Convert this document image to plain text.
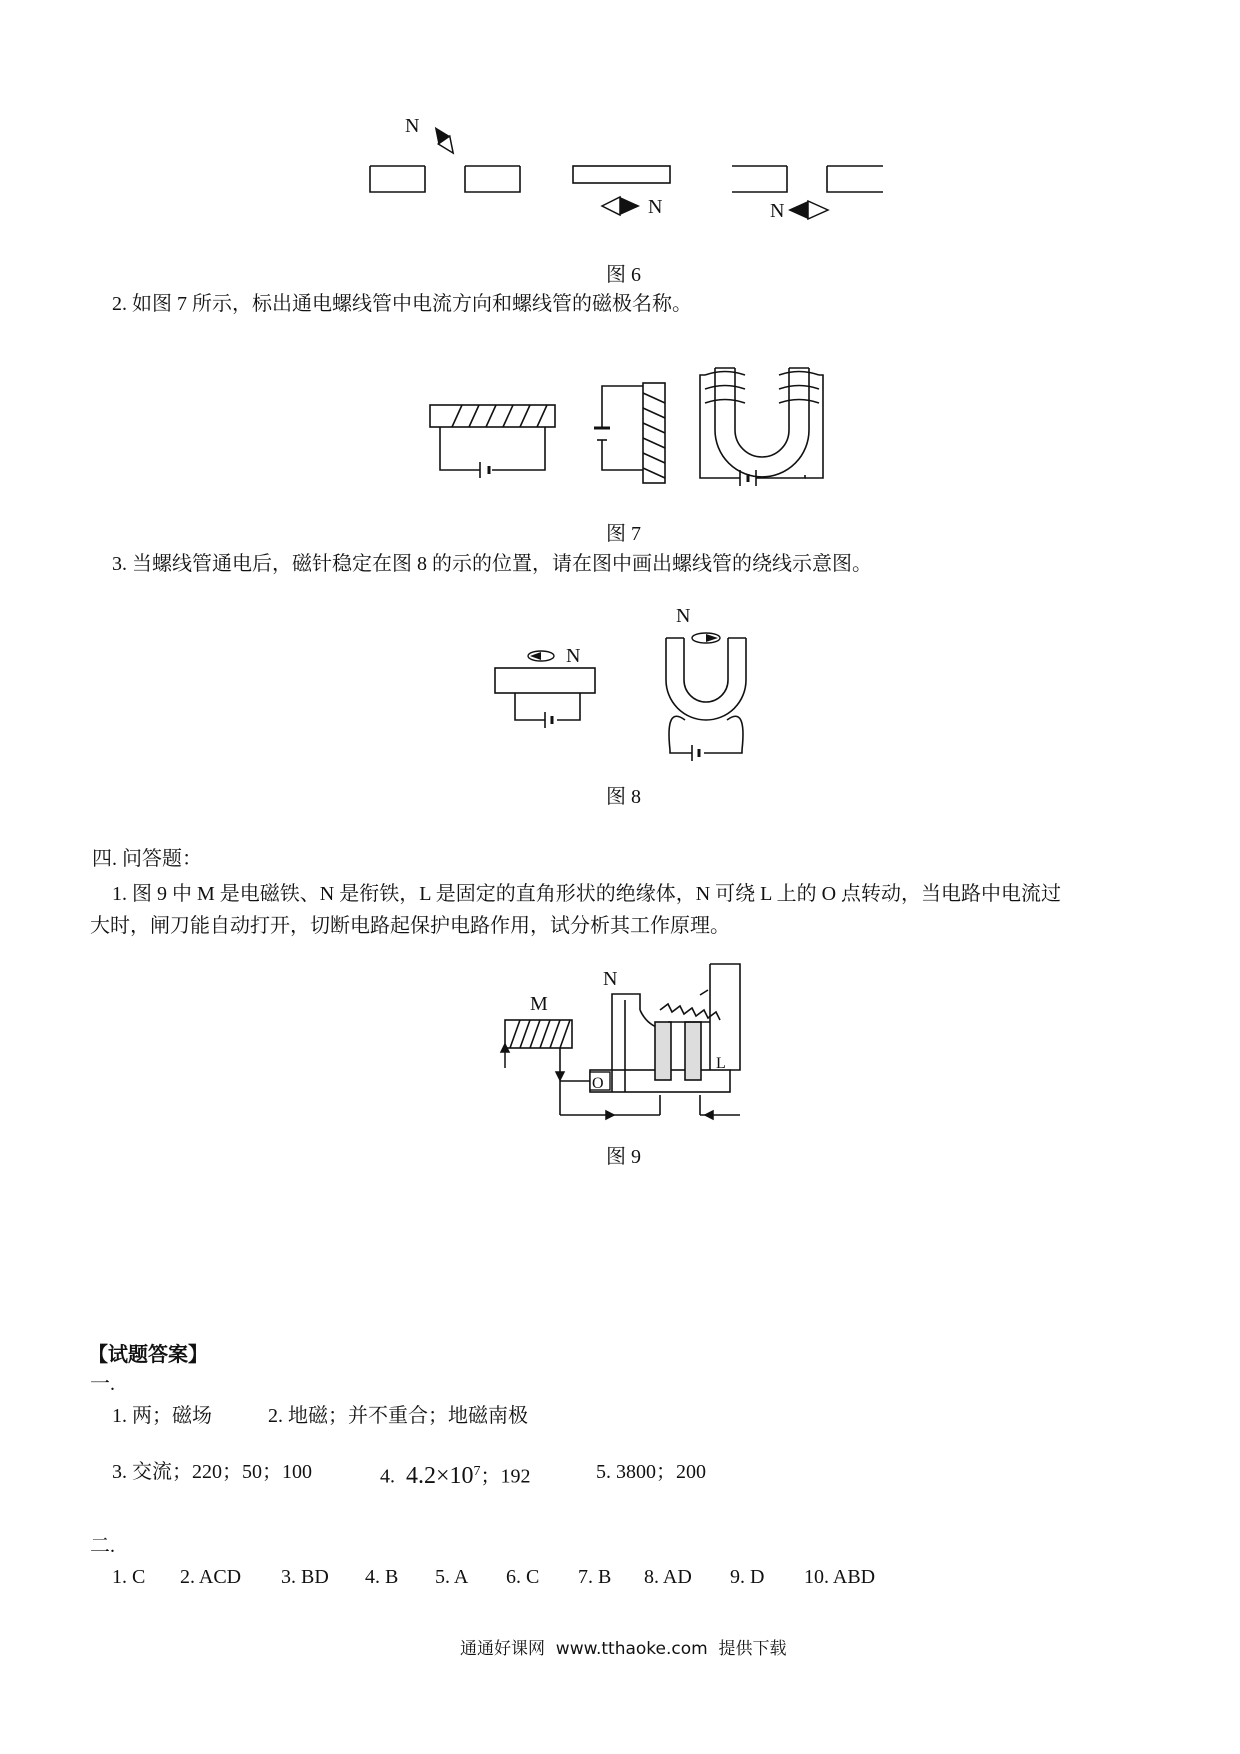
N
N	N
图 6
2. 如图 7 所示，标出通电螺线管中电流方向和螺线管的磁极名称。
图 7
3. 当螺线管通电后，磁针稳定在图 8 的示的位置，请在图中画出螺线管的绕线示意图。
N
N
图 8
四. 问答题：
1. 图 9 中 M 是电磁铁、N 是衔铁，L 是固定的直角形状的绝缘体，N 可绕 L 上的 O 点转动，当电路中电流过
大时，闸刀能自动打开，切断电路起保护电路作用，试分析其工作原理。
M
N
O
L
图 9
【试题答案】
一.
1. 两；磁场	2. 地磁；并不重合；地磁南极
3. 交流；220；50；100	4. $4.2\times 10^7$；192	5. 3800；200
二.
1. C 2. ACD 3. BD 4. B 5. A 6. C 7. B 8. AD 9. D 10. ABD
通通好课网  www.tthaoke.com  提供下载
